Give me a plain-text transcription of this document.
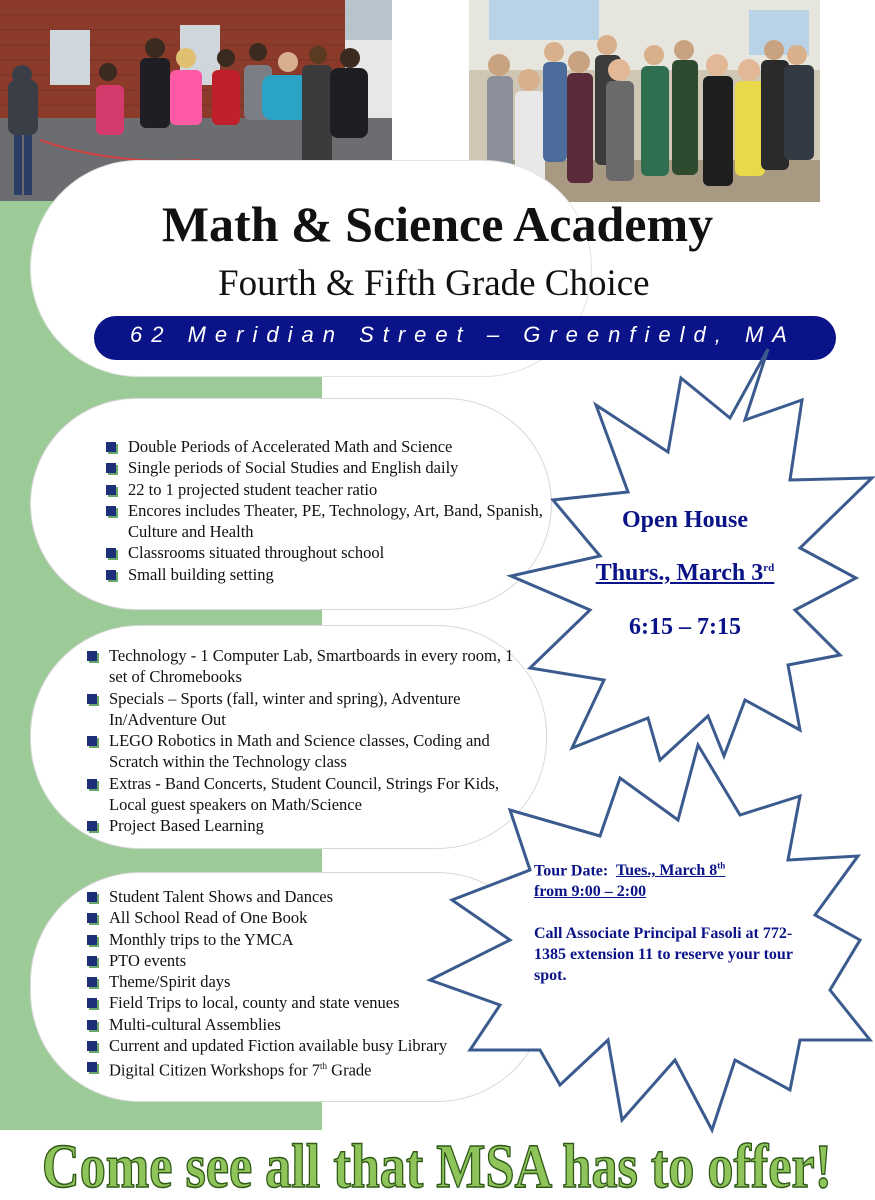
Math & Science Academy
Fourth & Fifth Grade Choice
62 Meridian Street – Greenfield, MA
Double Periods of Accelerated Math and Science
Single periods of Social Studies and English daily
22 to 1 projected student teacher ratio
Encores includes Theater, PE, Technology, Art, Band, Spanish, Culture and Health
Classrooms situated throughout school
Small building setting
Technology - 1 Computer Lab, Smartboards in every room, 1 set of Chromebooks
Specials – Sports (fall, winter and spring), Adventure In/Adventure Out
LEGO Robotics in Math and Science classes, Coding and Scratch within the Technology class
Extras - Band Concerts, Student Council, Strings For Kids, Local guest speakers on Math/Science
Project Based Learning
Student Talent Shows and Dances
All School Read of One Book
Monthly trips to the YMCA
PTO events
Theme/Spirit days
Field Trips to local, county and state venues
Multi-cultural Assemblies
Current and updated Fiction available busy Library
Digital Citizen Workshops for 7th Grade
Open House
Thurs., March 3rd
6:15 – 7:15
Tour Date: Tues., March 8th
from 9:00 – 2:00
Call Associate Principal Fasoli at 772-1385 extension 11 to reserve your tour spot.
Come see all that MSA has to offer!
